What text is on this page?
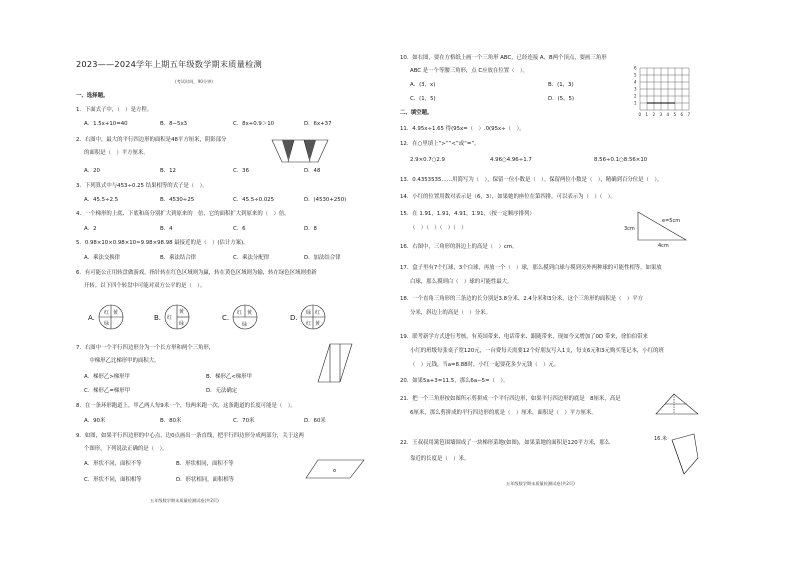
2023——2024学年上期五年级数学期末质量检测
(考试时间，90分钟)
一、选择题。
1．下面式子中，（　）是方程。
A．1.5x+10=40	B．8−5x3	C．8x+0.9＞10	D．6x+37
2．右图中，最大的平行四边形的面积是48平方厘米，阴影部分
的面积是（　）平方厘米。
A．20	B．12	C．36	D．48
3．下列算式中与453÷0.25 结果相等的式子是（　）。
A．45.5÷2.5	B．4530÷25	C．45.5÷0.025	D．(4530+250)
4．一个梯形的上底、下底和高分别扩大到原来的　倍，它的面积扩大到原来的（　）倍。
A．2	B．4	C．6	D．8
5．0.98×10×0.98×10≈9.98×98.98 最接近的是（　）(估计方案)。
A．乘法交换律	B．乘法结合律	C．乘法分配律	D．加法结合律
6．有可能公正用转盘做游戏，指针转在红色区域则为赢，转在黄色区域则为输，转在绿色区域则重新
开转。以下四个转盘中可能对双方公平的是（　）。
A.
红 黄
绿
B. 红
黄
绿
C.
红 黄
绿
D.
绿 红
红 黄
7．右图中一个平行四边形分为一个长方形和两个三角形，
　中梯形乙比梯形甲的面积大，
A．梯形乙>梯形甲	B．梯形乙<梯形甲
C．梯形乙=梯形甲	D．无法确定
8．在一条环形跑道上，甲乙两人每9米一个，每两米跑一次，这条跑道的长度可能是（　）。
A．90米	B．80米	C．70米	D．60米
9．如图，如果平行四边形的中心点，边0点画出一条直线，把平行四边形分成两部分，关于这两
个图形，下列说法正确的是（　）。
A．形状不同，面积不等	B．形状相同，面积不等
C．形状不同，面积相等	D．形状相同，面积相等
o
五年级数学期末质量检测试卷(共2页)
10．如右图，要在方格纸上画一个三角形 ABC，已经连接 A、B两个顶点，要画三角形
ABC 是一个等腰三角形，点 C应放在位置（　）。
A．(3，x)	B．(1，3)
C．(1，5)	D．(5，5)
0 1 2 3 4 5 6 7
6
5
4
3
2
1
二、填空题。
11．4.95x÷1.65 得(95x=（　）.0(95x÷（　）。
12．在○里填上“>”“<”或“=”。
2.9×0.7○2.9	4.96○4.96÷1.7	8.56÷0.1○8.56×10
13．0.4353535……用简写为（　），保留一位小数是（　）。保留两位小数是（　），精确到百分位是（　）。
14．小红的位置用数对表示是（6，3），如果她的座位在第四排，可以表示为（　）（　）。
15．在 1.9̇1，1.91，4.91̇，1.̇9̇1，（按一定顺序排列）
（　）（　）（　）（　）	3cm
e=5cm
4cm
16．右图中，三角形的斜边上的高是（　）cm。
17．盒子里有7个红球，3个白球，再放一个（　）球，那么摸到白球与摸到另外两种球的可能性相等，如果放
白球，那么摸到白（　）球的可能性最大。
18．一个直角三角形的三条边的长分别是3.8分米、2.4分米和3分米，这个三角形的面积是（　）平方
分米，斜边上的高是（　）分米。
19．联考新学方式进行考核，有英国带来、电话带来、跟随带来，现如今又增加了0D 带来，徐伯伯带来
小红的班级每张桌子宽120元，一台费每天需要12个好朋友写入1支，每支6元和3元购买笔记本，小红的班
（　）元钱，当a=8.88时，小红一起要花多少元钱（　）元。
20．如果5a+3=11.5，那么6a−5=（　）。
21．把一个三角形按如图所示剪拼成一个平行四边形，如果平行四边形的底是　8厘米，高是
6厘米，那么剪拼成的平行四边形的底是（　）厘米，面积是（　）平方厘米。
22．王叔叔用篱笆围墙围成了一块梯形菜地(如图)，如果菜地的面积是120平方米，那么
靠近的长度是（　）米。
16.米
五年级数学期末质量检测试卷(共2页)
